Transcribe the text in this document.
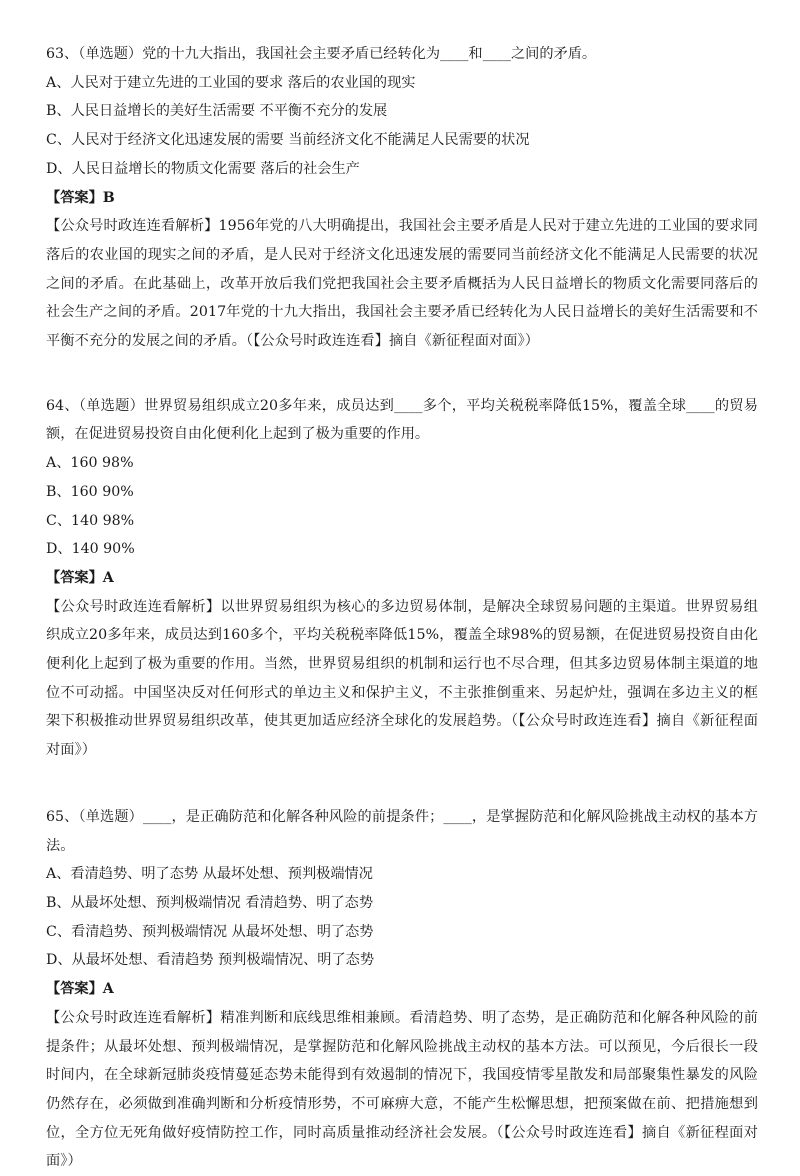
63、（单选题）党的十九大指出，我国社会主要矛盾已经转化为____和____之间的矛盾。

A、人民对于建立先进的工业国的要求 落后的农业国的现实

B、人民日益增长的美好生活需要 不平衡不充分的发展

C、人民对于经济文化迅速发展的需要 当前经济文化不能满足人民需要的状况

D、人民日益增长的物质文化需要 落后的社会生产

【答案】B

【公众号时政连连看解析】1956年党的八大明确提出，我国社会主要矛盾是人民对于建立先进的工业国的要求同落后的农业国的现实之间的矛盾，是人民对于经济文化迅速发展的需要同当前经济文化不能满足人民需要的状况之间的矛盾。在此基础上，改革开放后我们党把我国社会主要矛盾概括为人民日益增长的物质文化需要同落后的社会生产之间的矛盾。2017年党的十九大指出，我国社会主要矛盾已经转化为人民日益增长的美好生活需要和不平衡不充分的发展之间的矛盾。（【公众号时政连连看】摘自《新征程面对面》）

64、（单选题）世界贸易组织成立20多年来，成员达到____多个，平均关税税率降低15%，覆盖全球____的贸易额，在促进贸易投资自由化便利化上起到了极为重要的作用。

A、160 98%

B、160 90%

C、140 98%

D、140 90%

【答案】A

【公众号时政连连看解析】以世界贸易组织为核心的多边贸易体制，是解决全球贸易问题的主渠道。世界贸易组织成立20多年来，成员达到160多个，平均关税税率降低15%，覆盖全球98%的贸易额，在促进贸易投资自由化便利化上起到了极为重要的作用。当然，世界贸易组织的机制和运行也不尽合理，但其多边贸易体制主渠道的地位不可动摇。中国坚决反对任何形式的单边主义和保护主义，不主张推倒重来、另起炉灶，强调在多边主义的框架下积极推动世界贸易组织改革，使其更加适应经济全球化的发展趋势。（【公众号时政连连看】摘自《新征程面对面》）

65、（单选题）____，是正确防范和化解各种风险的前提条件；____，是掌握防范和化解风险挑战主动权的基本方法。

A、看清趋势、明了态势 从最坏处想、预判极端情况

B、从最坏处想、预判极端情况 看清趋势、明了态势

C、看清趋势、预判极端情况 从最坏处想、明了态势

D、从最坏处想、看清趋势 预判极端情况、明了态势

【答案】A

【公众号时政连连看解析】精准判断和底线思维相兼顾。看清趋势、明了态势，是正确防范和化解各种风险的前提条件；从最坏处想、预判极端情况，是掌握防范和化解风险挑战主动权的基本方法。可以预见，今后很长一段时间内，在全球新冠肺炎疫情蔓延态势未能得到有效遏制的情况下，我国疫情零星散发和局部聚集性暴发的风险仍然存在，必须做到准确判断和分析疫情形势，不可麻痹大意，不能产生松懈思想，把预案做在前、把措施想到位，全方位无死角做好疫情防控工作，同时高质量推动经济社会发展。（【公众号时政连连看】摘自《新征程面对面》）
